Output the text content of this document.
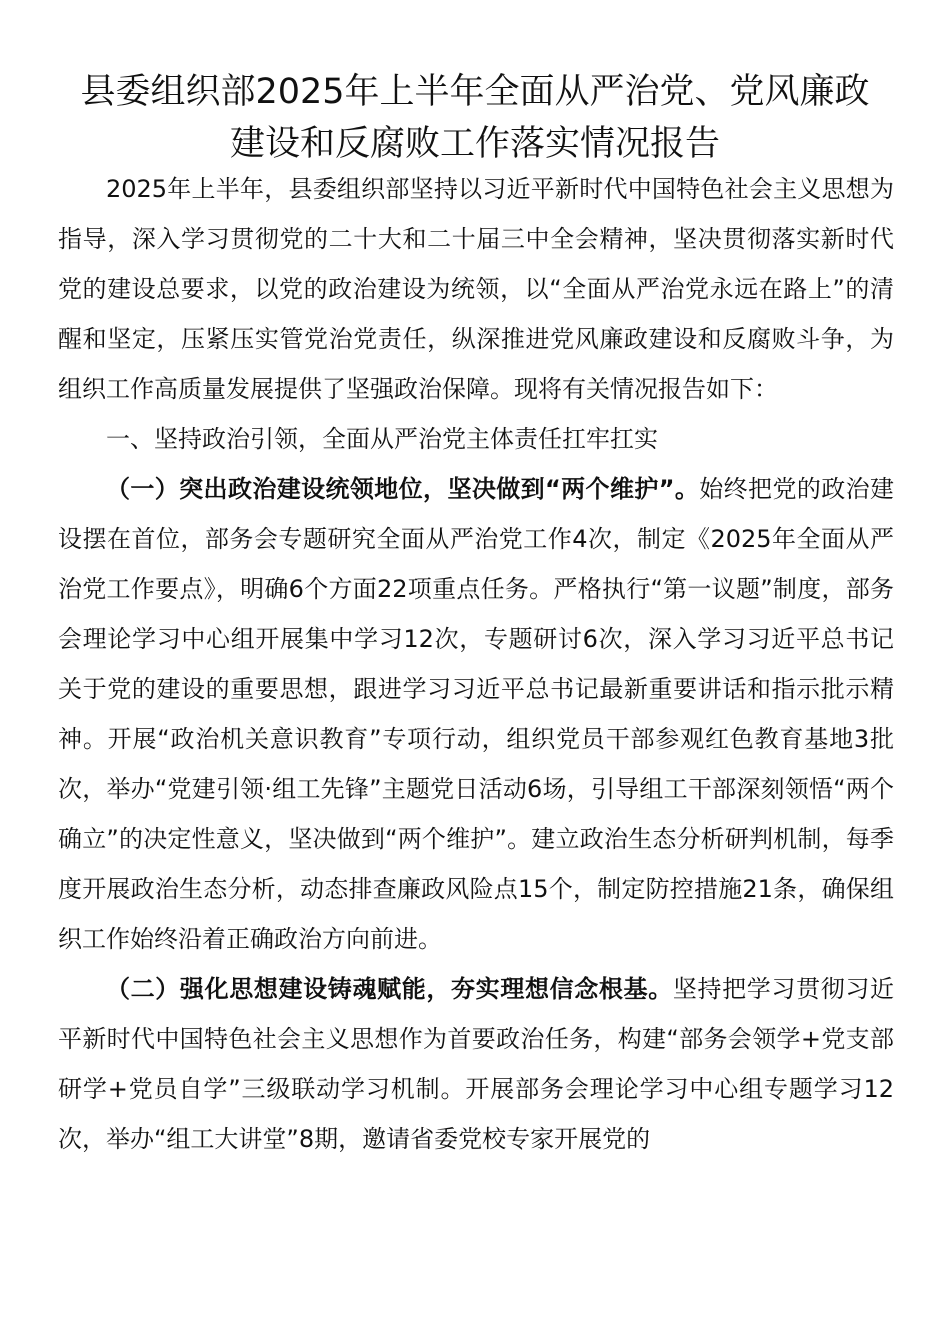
县委组织部2025年上半年全面从严治党、党风廉政
建设和反腐败工作落实情况报告

2025年上半年，县委组织部坚持以习近平新时代中国特色社会主义思想为指导，深入学习贯彻党的二十大和二十届三中全会精神，坚决贯彻落实新时代党的建设总要求，以党的政治建设为统领，以“全面从严治党永远在路上”的清醒和坚定，压紧压实管党治党责任，纵深推进党风廉政建设和反腐败斗争，为组织工作高质量发展提供了坚强政治保障。现将有关情况报告如下：

一、坚持政治引领，全面从严治党主体责任扛牢扛实

（一）突出政治建设统领地位，坚决做到“两个维护”。始终把党的政治建设摆在首位，部务会专题研究全面从严治党工作4次，制定《2025年全面从严治党工作要点》，明确6个方面22项重点任务。严格执行“第一议题”制度，部务会理论学习中心组开展集中学习12次，专题研讨6次，深入学习习近平总书记关于党的建设的重要思想，跟进学习习近平总书记最新重要讲话和指示批示精神。开展“政治机关意识教育”专项行动，组织党员干部参观红色教育基地3批次，举办“党建引领·组工先锋”主题党日活动6场，引导组工干部深刻领悟“两个确立”的决定性意义，坚决做到“两个维护”。建立政治生态分析研判机制，每季度开展政治生态分析，动态排查廉政风险点15个，制定防控措施21条，确保组织工作始终沿着正确政治方向前进。

（二）强化思想建设铸魂赋能，夯实理想信念根基。坚持把学习贯彻习近平新时代中国特色社会主义思想作为首要政治任务，构建“部务会领学+党支部研学+党员自学”三级联动学习机制。开展部务会理论学习中心组专题学习12次，举办“组工大讲堂”8期，邀请省委党校专家开展党的
